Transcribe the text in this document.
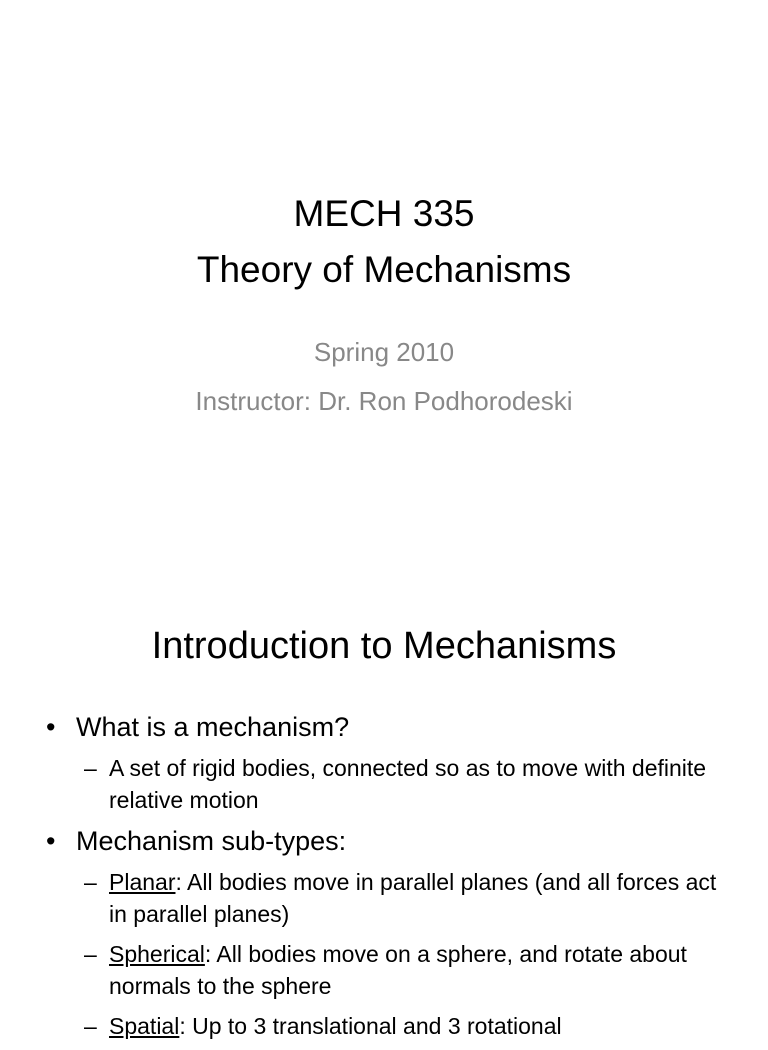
MECH 335
Theory of Mechanisms
Spring 2010
Instructor: Dr. Ron Podhorodeski
Introduction to Mechanisms
• What is a mechanism?
– A set of rigid bodies, connected so as to move with definite relative motion
• Mechanism sub-types:
– Planar: All bodies move in parallel planes (and all forces act in parallel planes)
– Spherical: All bodies move on a sphere, and rotate about normals to the sphere
– Spatial: Up to 3 translational and 3 rotational
